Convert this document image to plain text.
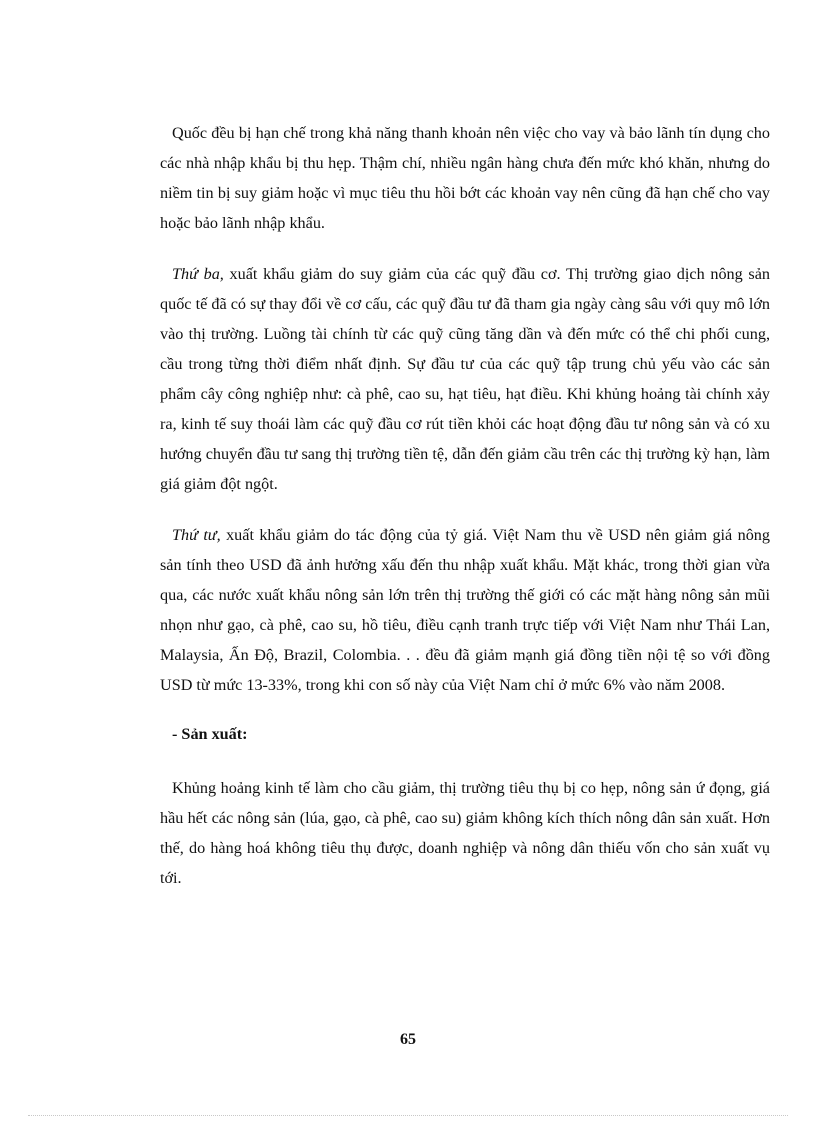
Quốc đều bị hạn chế trong khả năng thanh khoản nên việc cho vay và bảo lãnh tín dụng cho các nhà nhập khẩu bị thu hẹp. Thậm chí, nhiều ngân hàng chưa đến mức khó khăn, nhưng do niềm tin bị suy giảm hoặc vì mục tiêu thu hồi bớt các khoản vay nên cũng đã hạn chế cho vay hoặc bảo lãnh nhập khẩu.

Thứ ba, xuất khẩu giảm do suy giảm của các quỹ đầu cơ. Thị trường giao dịch nông sản quốc tế đã có sự thay đổi về cơ cấu, các quỹ đầu tư đã tham gia ngày càng sâu với quy mô lớn vào thị trường. Luồng tài chính từ các quỹ cũng tăng dần và đến mức có thể chi phối cung, cầu trong từng thời điểm nhất định. Sự đầu tư của các quỹ tập trung chủ yếu vào các sản phẩm cây công nghiệp như: cà phê, cao su, hạt tiêu, hạt điều. Khi khủng hoảng tài chính xảy ra, kinh tế suy thoái làm các quỹ đầu cơ rút tiền khỏi các hoạt động đầu tư nông sản và có xu hướng chuyển đầu tư sang thị trường tiền tệ, dẫn đến giảm cầu trên các thị trường kỳ hạn, làm giá giảm đột ngột.

Thứ tư, xuất khẩu giảm do tác động của tỷ giá. Việt Nam thu về USD nên giảm giá nông sản tính theo USD đã ảnh hưởng xấu đến thu nhập xuất khẩu. Mặt khác, trong thời gian vừa qua, các nước xuất khẩu nông sản lớn trên thị trường thế giới có các mặt hàng nông sản mũi nhọn như gạo, cà phê, cao su, hồ tiêu, điều cạnh tranh trực tiếp với Việt Nam như Thái Lan, Malaysia, Ấn Độ, Brazil, Colombia. . . đều đã giảm mạnh giá đồng tiền nội tệ so với đồng USD từ mức 13-33%, trong khi con số này của Việt Nam chỉ ở mức 6% vào năm 2008.

- Sản xuất:

Khủng hoảng kinh tế làm cho cầu giảm, thị trường tiêu thụ bị co hẹp, nông sản ứ đọng, giá hầu hết các nông sản (lúa, gạo, cà phê, cao su) giảm không kích thích nông dân sản xuất. Hơn thế, do hàng hoá không tiêu thụ được, doanh nghiệp và nông dân thiếu vốn cho sản xuất vụ tới.

65
